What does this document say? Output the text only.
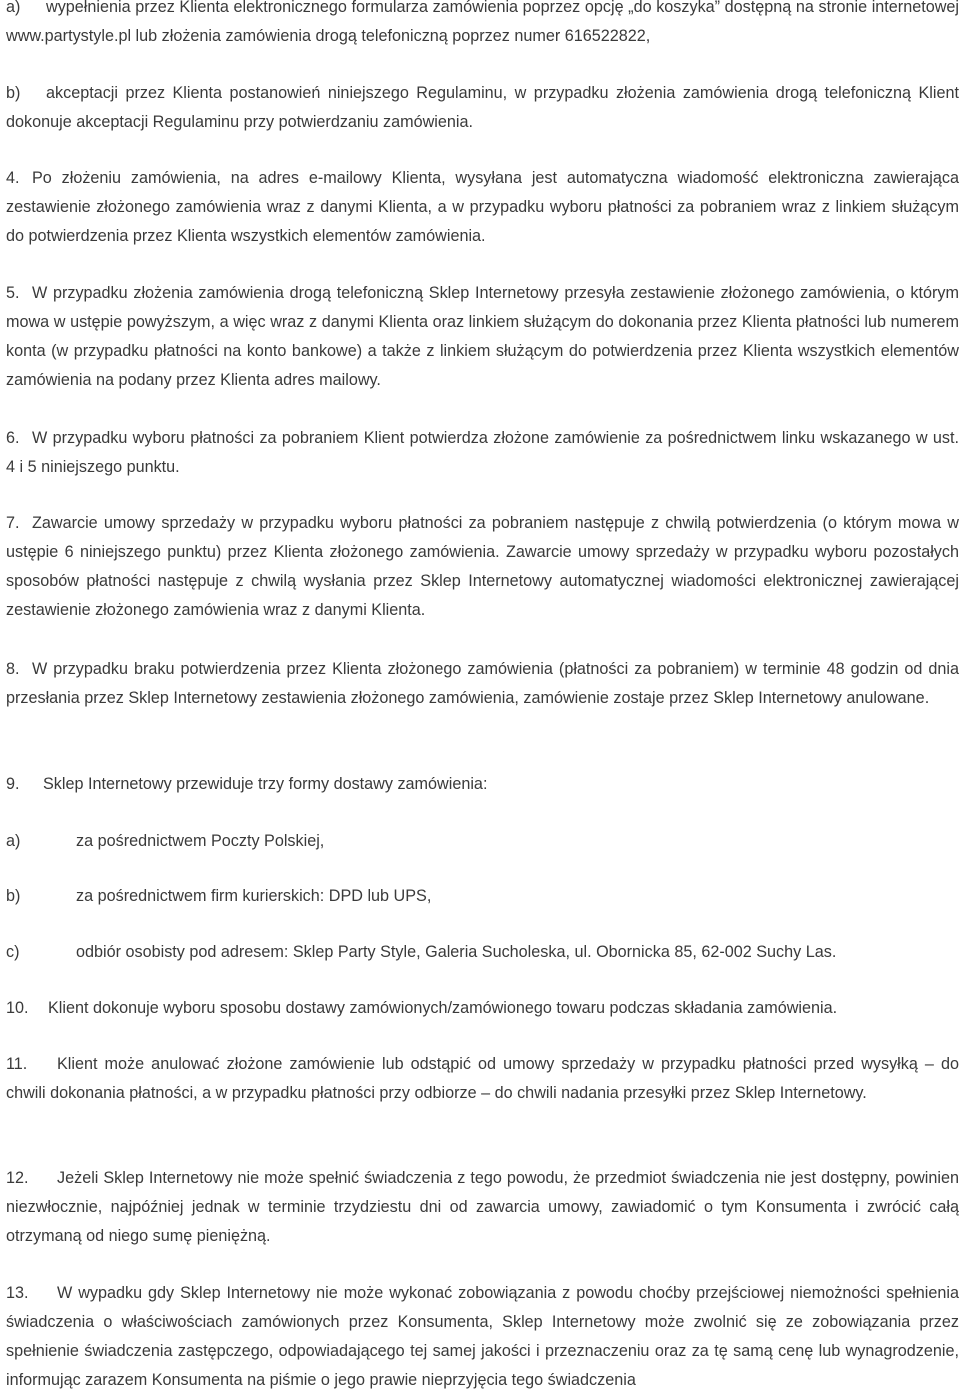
a) wypełnienia przez Klienta elektronicznego formularza zamówienia poprzez opcję „do koszyka” dostępną na stronie internetowej www.partystyle.pl lub złożenia zamówienia drogą telefoniczną poprzez numer 616522822,

b) akceptacji przez Klienta postanowień niniejszego Regulaminu, w przypadku złożenia zamówienia drogą telefoniczną Klient dokonuje akceptacji Regulaminu przy potwierdzaniu zamówienia.

4. Po złożeniu zamówienia, na adres e-mailowy Klienta, wysyłana jest automatyczna wiadomość elektroniczna zawierająca zestawienie złożonego zamówienia wraz z danymi Klienta, a w przypadku wyboru płatności za pobraniem wraz z linkiem służącym do potwierdzenia przez Klienta wszystkich elementów zamówienia.

5. W przypadku złożenia zamówienia drogą telefoniczną Sklep Internetowy przesyła zestawienie złożonego zamówienia, o którym mowa w ustępie powyższym, a więc wraz z danymi Klienta oraz linkiem służącym do dokonania przez Klienta płatności lub numerem konta (w przypadku płatności na konto bankowe) a także z linkiem służącym do potwierdzenia przez Klienta wszystkich elementów zamówienia na podany przez Klienta adres mailowy.

6. W przypadku wyboru płatności za pobraniem Klient potwierdza złożone zamówienie za pośrednictwem linku wskazanego w ust. 4 i 5 niniejszego punktu.

7. Zawarcie umowy sprzedaży w przypadku wyboru płatności za pobraniem następuje z chwilą potwierdzenia (o którym mowa w ustępie 6 niniejszego punktu) przez Klienta złożonego zamówienia. Zawarcie umowy sprzedaży w przypadku wyboru pozostałych sposobów płatności następuje z chwilą wysłania przez Sklep Internetowy automatycznej wiadomości elektronicznej zawierającej zestawienie złożonego zamówienia wraz z danymi Klienta.

8. W przypadku braku potwierdzenia przez Klienta złożonego zamówienia (płatności za pobraniem) w terminie 48 godzin od dnia przesłania przez Sklep Internetowy zestawienia złożonego zamówienia, zamówienie zostaje przez Sklep Internetowy anulowane.

9. Sklep Internetowy przewiduje trzy formy dostawy zamówienia:

a)	za pośrednictwem Poczty Polskiej,

b)	za pośrednictwem firm kurierskich: DPD lub UPS,

c)	odbiór osobisty pod adresem: Sklep Party Style, Galeria Sucholeska, ul. Obornicka 85, 62-002 Suchy Las.

10. Klient dokonuje wyboru sposobu dostawy zamówionych/zamówionego towaru podczas składania zamówienia.

11. Klient może anulować złożone zamówienie lub odstąpić od umowy sprzedaży w przypadku płatności przed wysyłką – do chwili dokonania płatności, a w przypadku płatności przy odbiorze – do chwili nadania przesyłki przez Sklep Internetowy.

12. Jeżeli Sklep Internetowy nie może spełnić świadczenia z tego powodu, że przedmiot świadczenia nie jest dostępny, powinien niezwłocznie, najpóźniej jednak w terminie trzydziestu dni od zawarcia umowy, zawiadomić o tym Konsumenta i zwrócić całą otrzymaną od niego sumę pieniężną.

13. W wypadku gdy Sklep Internetowy nie może wykonać zobowiązania z powodu choćby przejściowej niemożności spełnienia świadczenia o właściwościach zamówionych przez Konsumenta, Sklep Internetowy może zwolnić się ze zobowiązania przez spełnienie świadczenia zastępczego, odpowiadającego tej samej jakości i przeznaczeniu oraz za tę samą cenę lub wynagrodzenie, informując zarazem Konsumenta na piśmie o jego prawie nieprzyjęcia tego świadczenia
